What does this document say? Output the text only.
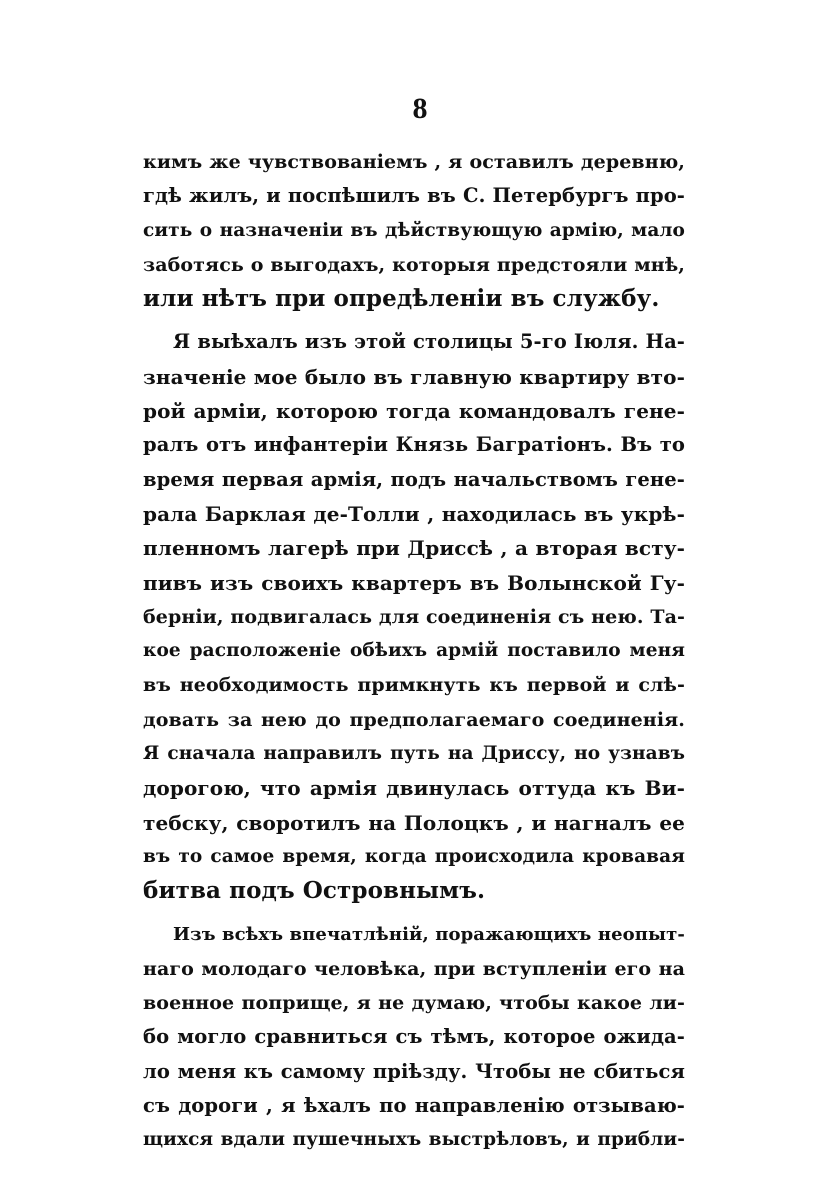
8
кимъ же чувствованіемъ , я оставилъ деревню,
гдѣ жилъ, и поспѣшилъ въ С. Петербургъ про-
сить о назначеніи въ дѣйствующую армію, мало
заботясь о выгодахъ, которыя предстояли мнѣ,
или нѣтъ при опредѣленіи въ службу.
Я выѣхалъ изъ этой столицы 5-го Іюля. На-
значеніе мое было въ главную квартиру вто-
рой арміи, которою тогда командовалъ гене-
ралъ отъ инфантеріи Князь Багратіонъ. Въ то
время первая армія, подъ начальствомъ гене-
рала Барклая де-Толли , находилась въ укрѣ-
пленномъ лагерѣ при Дриссѣ , а вторая всту-
пивъ изъ своихъ квартеръ въ Волынской Гу-
берніи, подвигалась для соединенія съ нею. Та-
кое расположеніе обѣихъ армій поставило меня
въ необходимость примкнуть къ первой и слѣ-
довать за нею до предполагаемаго соединенія.
Я сначала направилъ путь на Дриссу, но узнавъ
дорогою, что армія двинулась оттуда къ Ви-
тебску, своротилъ на Полоцкъ , и нагналъ ее
въ то самое время, когда происходила кровавая
битва подъ Островнымъ.
Изъ всѣхъ впечатлѣній, поражающихъ неопыт-
наго молодаго человѣка, при вступленіи его на
военное поприще, я не думаю, чтобы какое ли-
бо могло сравниться съ тѣмъ, которое ожида-
ло меня къ самому пріѣзду. Чтобы не сбиться
съ дороги , я ѣхалъ по направленію отзываю-
щихся вдали пушечныхъ выстрѣловъ, и прибли-
